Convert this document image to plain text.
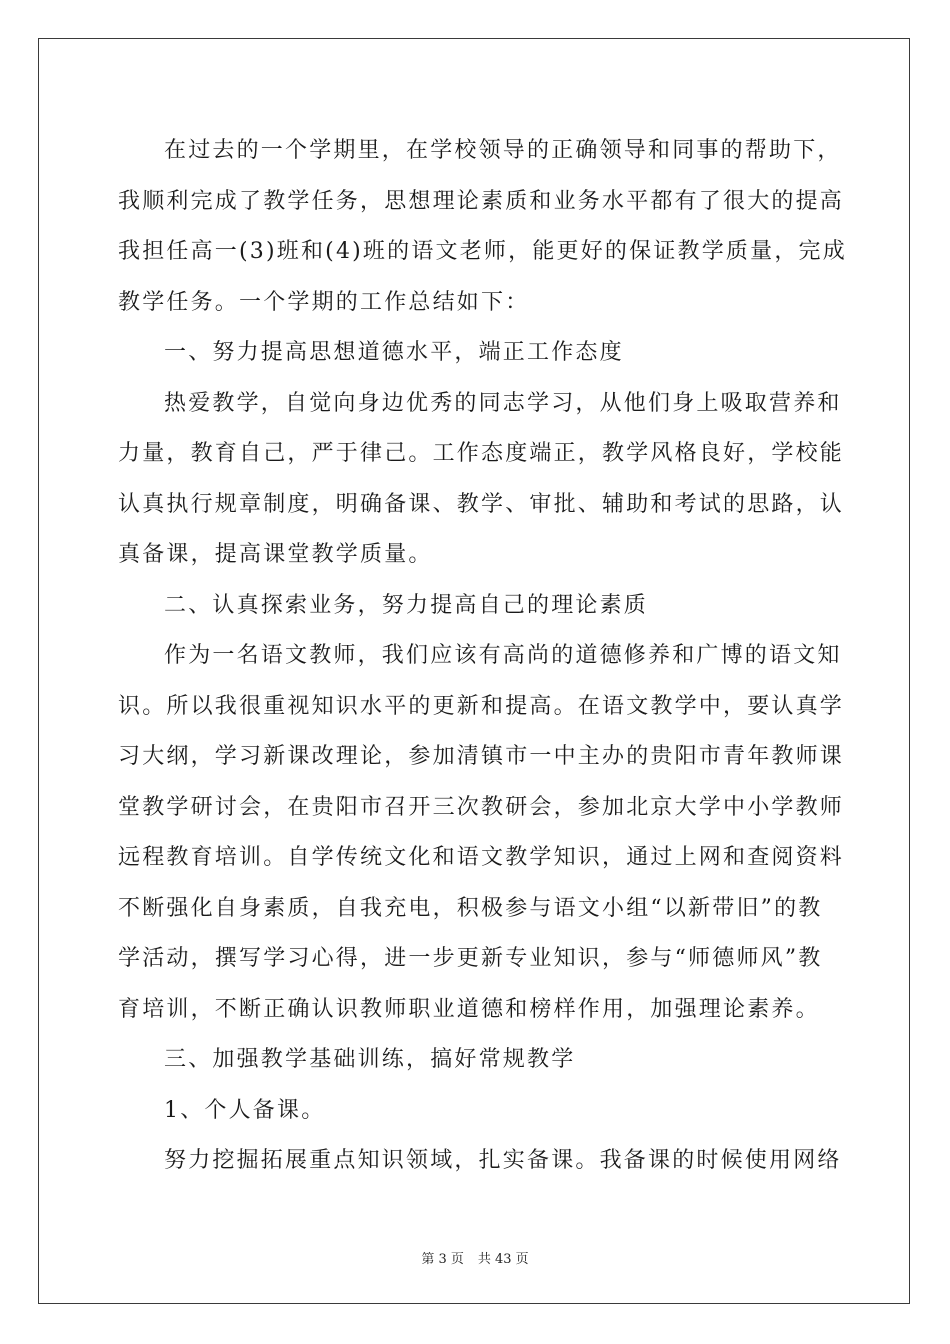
在过去的一个学期里，在学校领导的正确领导和同事的帮助下，
我顺利完成了教学任务，思想理论素质和业务水平都有了很大的提高
我担任高一(3)班和(4)班的语文老师，能更好的保证教学质量，完成
教学任务。一个学期的工作总结如下：
一、努力提高思想道德水平，端正工作态度
热爱教学，自觉向身边优秀的同志学习，从他们身上吸取营养和
力量，教育自己，严于律己。工作态度端正，教学风格良好，学校能
认真执行规章制度，明确备课、教学、审批、辅助和考试的思路，认
真备课，提高课堂教学质量。
二、认真探索业务，努力提高自己的理论素质
作为一名语文教师，我们应该有高尚的道德修养和广博的语文知
识。所以我很重视知识水平的更新和提高。在语文教学中，要认真学
习大纲，学习新课改理论，参加清镇市一中主办的贵阳市青年教师课
堂教学研讨会，在贵阳市召开三次教研会，参加北京大学中小学教师
远程教育培训。自学传统文化和语文教学知识，通过上网和查阅资料
不断强化自身素质，自我充电，积极参与语文小组“以新带旧”的教
学活动，撰写学习心得，进一步更新专业知识，参与“师德师风”教
育培训，不断正确认识教师职业道德和榜样作用，加强理论素养。
三、加强教学基础训练，搞好常规教学
1、个人备课。
努力挖掘拓展重点知识领域，扎实备课。我备课的时候使用网络
第 3 页 共 43 页
